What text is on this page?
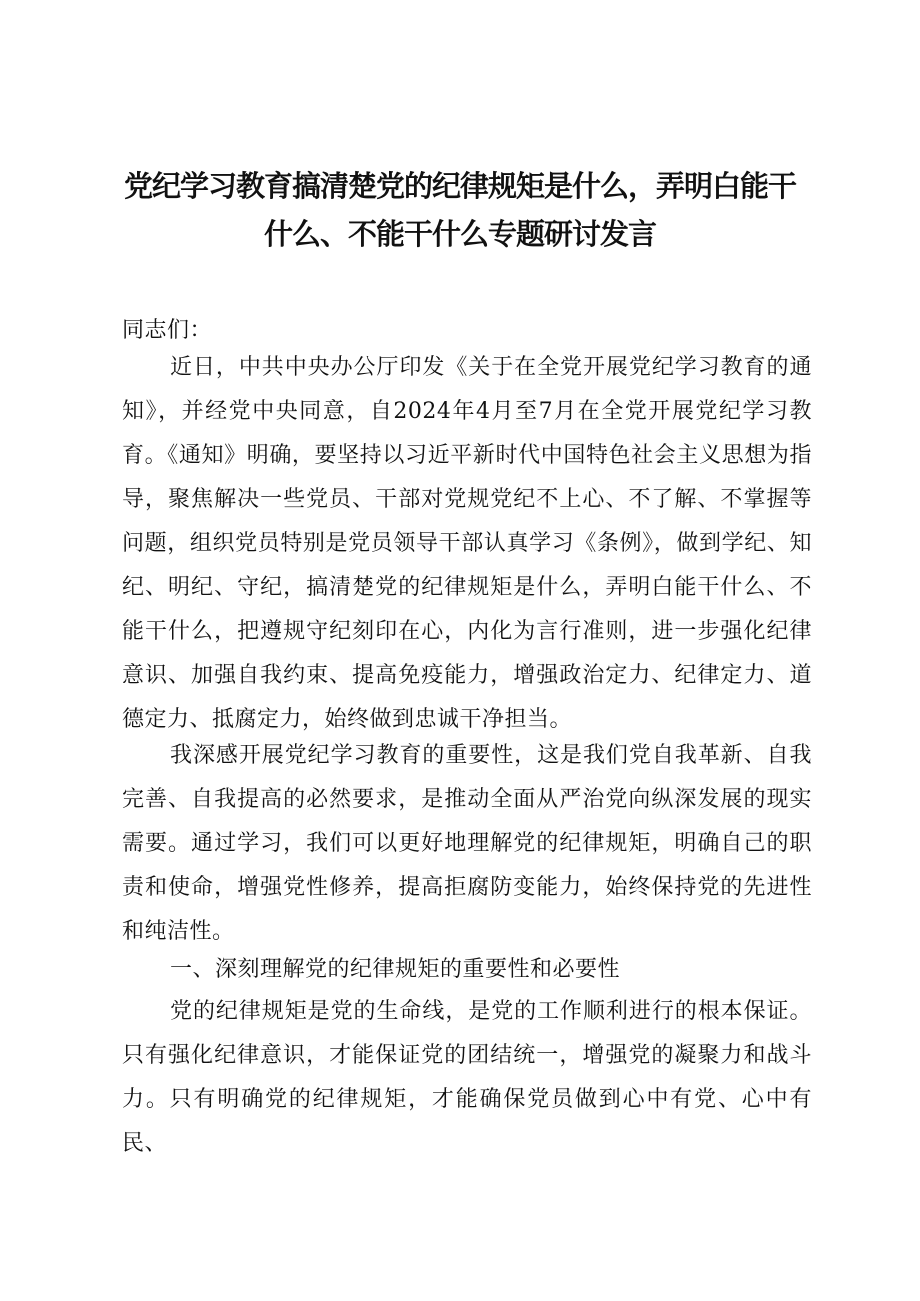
党纪学习教育搞清楚党的纪律规矩是什么，弄明白能干
什么、不能干什么专题研讨发言
同志们：

近日，中共中央办公厅印发《关于在全党开展党纪学习教育的通知》，并经党中央同意，自2024年4月至7月在全党开展党纪学习教育。《通知》明确，要坚持以习近平新时代中国特色社会主义思想为指导，聚焦解决一些党员、干部对党规党纪不上心、不了解、不掌握等问题，组织党员特别是党员领导干部认真学习《条例》，做到学纪、知纪、明纪、守纪，搞清楚党的纪律规矩是什么，弄明白能干什么、不能干什么，把遵规守纪刻印在心，内化为言行准则，进一步强化纪律意识、加强自我约束、提高免疫能力，增强政治定力、纪律定力、道德定力、抵腐定力，始终做到忠诚干净担当。

我深感开展党纪学习教育的重要性，这是我们党自我革新、自我完善、自我提高的必然要求，是推动全面从严治党向纵深发展的现实需要。通过学习，我们可以更好地理解党的纪律规矩，明确自己的职责和使命，增强党性修养，提高拒腐防变能力，始终保持党的先进性和纯洁性。

一、深刻理解党的纪律规矩的重要性和必要性

党的纪律规矩是党的生命线，是党的工作顺利进行的根本保证。只有强化纪律意识，才能保证党的团结统一，增强党的凝聚力和战斗力。只有明确党的纪律规矩，才能确保党员做到心中有党、心中有民、
